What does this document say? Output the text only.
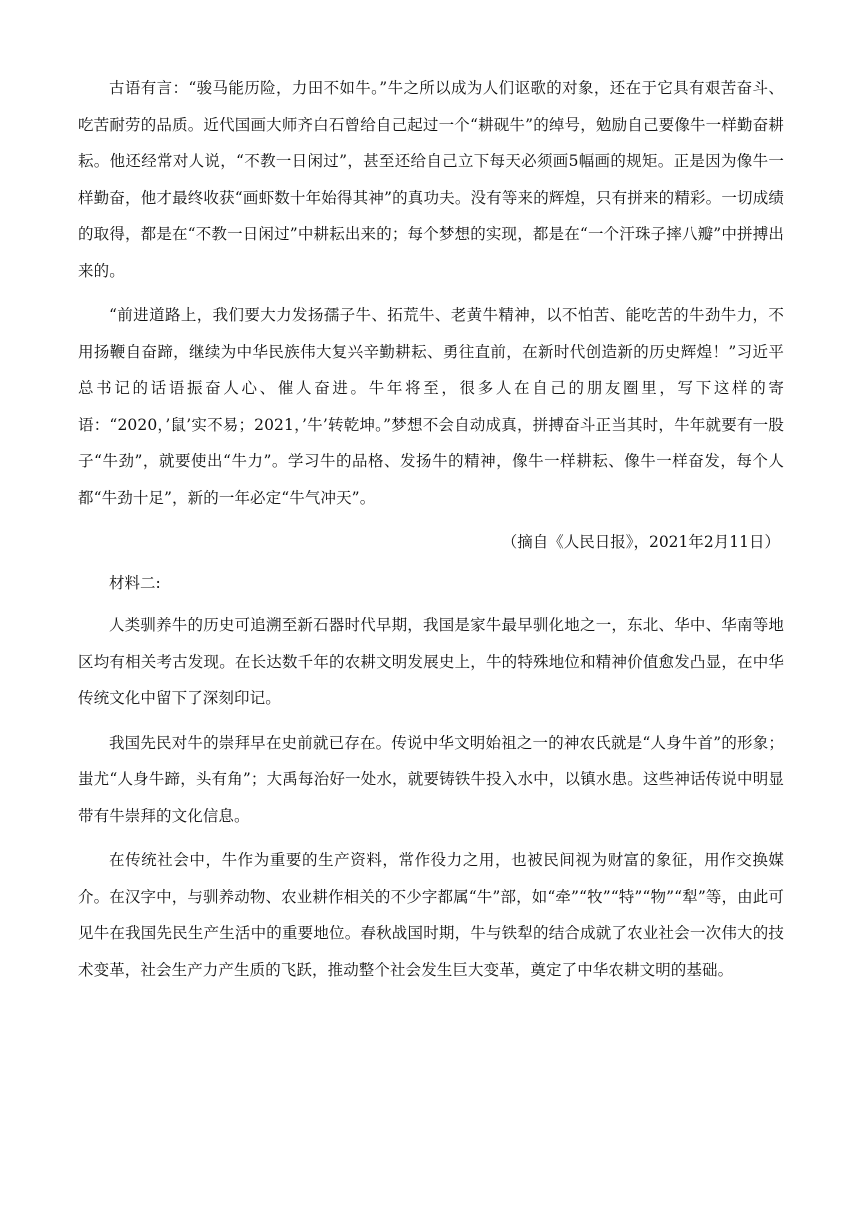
古语有言：“骏马能历险，力田不如牛。”牛之所以成为人们讴歌的对象，还在于它具有艰苦奋斗、吃苦耐劳的品质。近代国画大师齐白石曾给自己起过一个“耕砚牛”的绰号，勉励自己要像牛一样勤奋耕耘。他还经常对人说，“不教一日闲过”，甚至还给自己立下每天必须画5幅画的规矩。正是因为像牛一样勤奋，他才最终收获“画虾数十年始得其神”的真功夫。没有等来的辉煌，只有拼来的精彩。一切成绩的取得，都是在“不教一日闲过”中耕耘出来的；每个梦想的实现，都是在“一个汗珠子摔八瓣”中拼搏出来的。

“前进道路上，我们要大力发扬孺子牛、拓荒牛、老黄牛精神，以不怕苦、能吃苦的牛劲牛力，不用扬鞭自奋蹄，继续为中华民族伟大复兴辛勤耕耘、勇往直前，在新时代创造新的历史辉煌！”习近平总书记的话语振奋人心、催人奋进。牛年将至，很多人在自己的朋友圈里，写下这样的寄语：“2020，’鼠’实不易；2021，’牛’转乾坤。”梦想不会自动成真，拼搏奋斗正当其时，牛年就要有一股子“牛劲”，就要使出“牛力”。学习牛的品格、发扬牛的精神，像牛一样耕耘、像牛一样奋发，每个人都“牛劲十足”，新的一年必定“牛气冲天”。

（摘自《人民日报》，2021年2月11日）

材料二:

人类驯养牛的历史可追溯至新石器时代早期，我国是家牛最早驯化地之一，东北、华中、华南等地区均有相关考古发现。在长达数千年的农耕文明发展史上，牛的特殊地位和精神价值愈发凸显，在中华传统文化中留下了深刻印记。

我国先民对牛的崇拜早在史前就已存在。传说中华文明始祖之一的神农氏就是“人身牛首”的形象；蚩尤“人身牛蹄，头有角”；大禹每治好一处水，就要铸铁牛投入水中，以镇水患。这些神话传说中明显带有牛崇拜的文化信息。

在传统社会中，牛作为重要的生产资料，常作役力之用，也被民间视为财富的象征，用作交换媒介。在汉字中，与驯养动物、农业耕作相关的不少字都属“牛”部，如“牵”“牧”“特”“物”“犁”等，由此可见牛在我国先民生产生活中的重要地位。春秋战国时期，牛与铁犁的结合成就了农业社会一次伟大的技术变革，社会生产力产生质的飞跃，推动整个社会发生巨大变革，奠定了中华农耕文明的基础。
